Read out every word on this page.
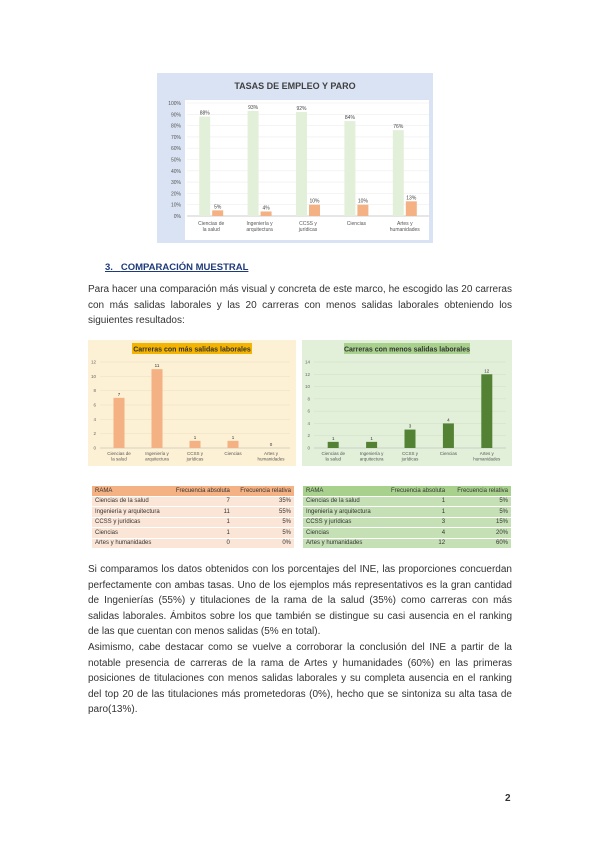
TASAS DE EMPLEO Y PARO
0%
10%
20%
30%
40%
50%
60%
70%
80%
90%
100%
88%
5%
Ciencias de la salud
93%
4%
Ingeniería y arquitectura
92%
10%
CCSS y jurídicas
84%
10%
Ciencias
76%
13%
Artes y humanidades
3. COMPARACIÓN MUESTRAL

Para hacer una comparación más visual y concreta de este marco, he escogido las 20 carreras con más salidas laborales y las 20 carreras con menos salidas laborales obteniendo los siguientes resultados:

Carreras con más salidas laborales
0
2
4
6
8
10
12
7
Ciencias de la salud
11
Ingeniería y arquitectura
1
CCSS y jurídicas
1
Ciencias
0
Artes y humanidades
Carreras con menos salidas laborales
0
2
4
6
8
10
12
14
1
Ciencias de la salud
1
Ingeniería y arquitectura
3
CCSS y jurídicas
4
Ciencias
12
Artes y humanidades
RAMA	Frecuencia absoluta	Frecuencia relativa
Ciencias de la salud	7	35%
Ingeniería y arquitectura	11	55%
CCSS y jurídicas	1	5%
Ciencias	1	5%
Artes y humanidades	0	0%
RAMA	Frecuencia absoluta	Frecuencia relativa
Ciencias de la salud	1	5%
Ingeniería y arquitectura	1	5%
CCSS y jurídicas	3	15%
Ciencias	4	20%
Artes y humanidades	12	60%

Si comparamos los datos obtenidos con los porcentajes del INE, las proporciones concuerdan perfectamente con ambas tasas. Uno de los ejemplos más representativos es la gran cantidad de Ingenierías (55%) y titulaciones de la rama de la salud (35%) como carreras con más salidas laborales. Ámbitos sobre los que también se distingue su casi ausencia en el ranking de las que cuentan con menos salidas (5% en total).

Asimismo, cabe destacar como se vuelve a corroborar la conclusión del INE a partir de la notable presencia de carreras de la rama de Artes y humanidades (60%) en las primeras posiciones de titulaciones con menos salidas laborales y su completa ausencia en el ranking del top 20 de las titulaciones más prometedoras (0%), hecho que se sintoniza su alta tasa de paro(13%).

2
